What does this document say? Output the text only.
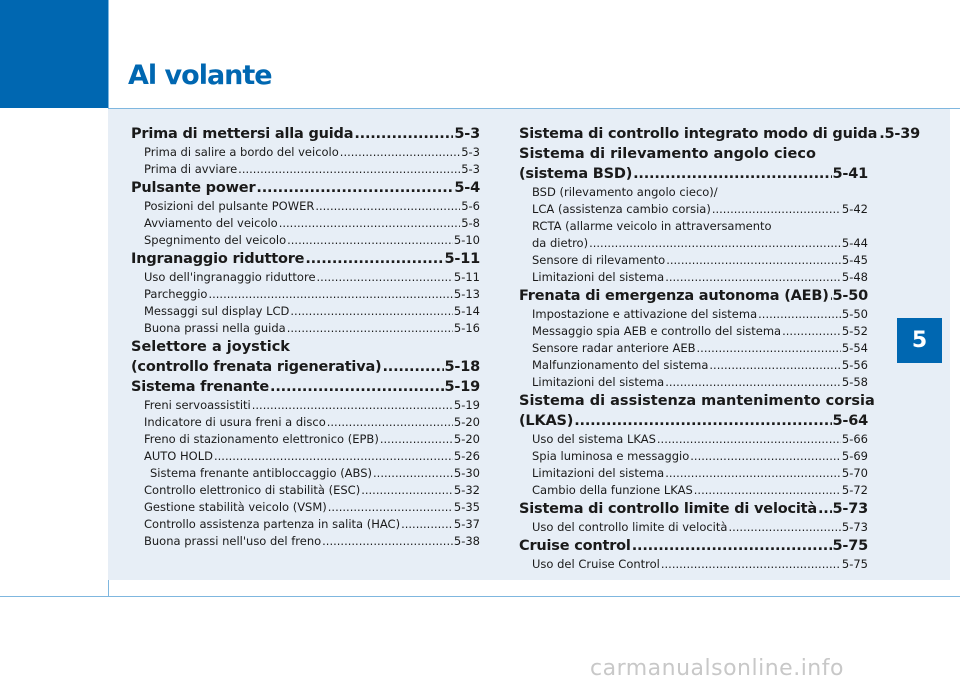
Al volante
5
Prima di mettersi alla guida .....	5-3
Prima di salire a bordo del veicolo .....	5-3
Prima di avviare .....	5-3
Pulsante power .....	5-4
Posizioni del pulsante POWER .....	5-6
Avviamento del veicolo .....	5-8
Spegnimento del veicolo .....	5-10
Ingranaggio riduttore .....	5-11
Uso dell'ingranaggio riduttore .....	5-11
Parcheggio .....	5-13
Messaggi sul display LCD .....	5-14
Buona prassi nella guida .....	5-16
Selettore a joystick
(controllo frenata rigenerativa) .....	5-18
Sistema frenante .....	5-19
Freni servoassistiti .....	5-19
Indicatore di usura freni a disco .....	5-20
Freno di stazionamento elettronico (EPB) .....	5-20
AUTO HOLD .....	5-26
Sistema frenante antibloccaggio (ABS) .....	5-30
Controllo elettronico di stabilità (ESC) .....	5-32
Gestione stabilità veicolo (VSM) .....	5-35
Controllo assistenza partenza in salita (HAC) .....	5-37
Buona prassi nell'uso del freno .....	5-38
Sistema di controllo integrato modo di guida .5-39
Sistema di rilevamento angolo cieco
(sistema BSD) .....	5-41
BSD (rilevamento angolo cieco)/
LCA (assistenza cambio corsia) .....	5-42
RCTA (allarme veicolo in attraversamento
da dietro) .....	5-44
Sensore di rilevamento .....	5-45
Limitazioni del sistema .....	5-48
Frenata di emergenza autonoma (AEB) ..... 5-50
Impostazione e attivazione del sistema .....	5-50
Messaggio spia AEB e controllo del sistema .....	5-52
Sensore radar anteriore AEB .....	5-54
Malfunzionamento del sistema .....	5-56
Limitazioni del sistema .....	5-58
Sistema di assistenza mantenimento corsia
(LKAS) .....	5-64
Uso del sistema LKAS .....	5-66
Spia luminosa e messaggio .....	5-69
Limitazioni del sistema .....	5-70
Cambio della funzione LKAS .....	5-72
Sistema di controllo limite di velocità ..... 5-73
Uso del controllo limite di velocità .....	5-73
Cruise control .....	5-75
Uso del Cruise Control .....	5-75
carmanualsonline.info
